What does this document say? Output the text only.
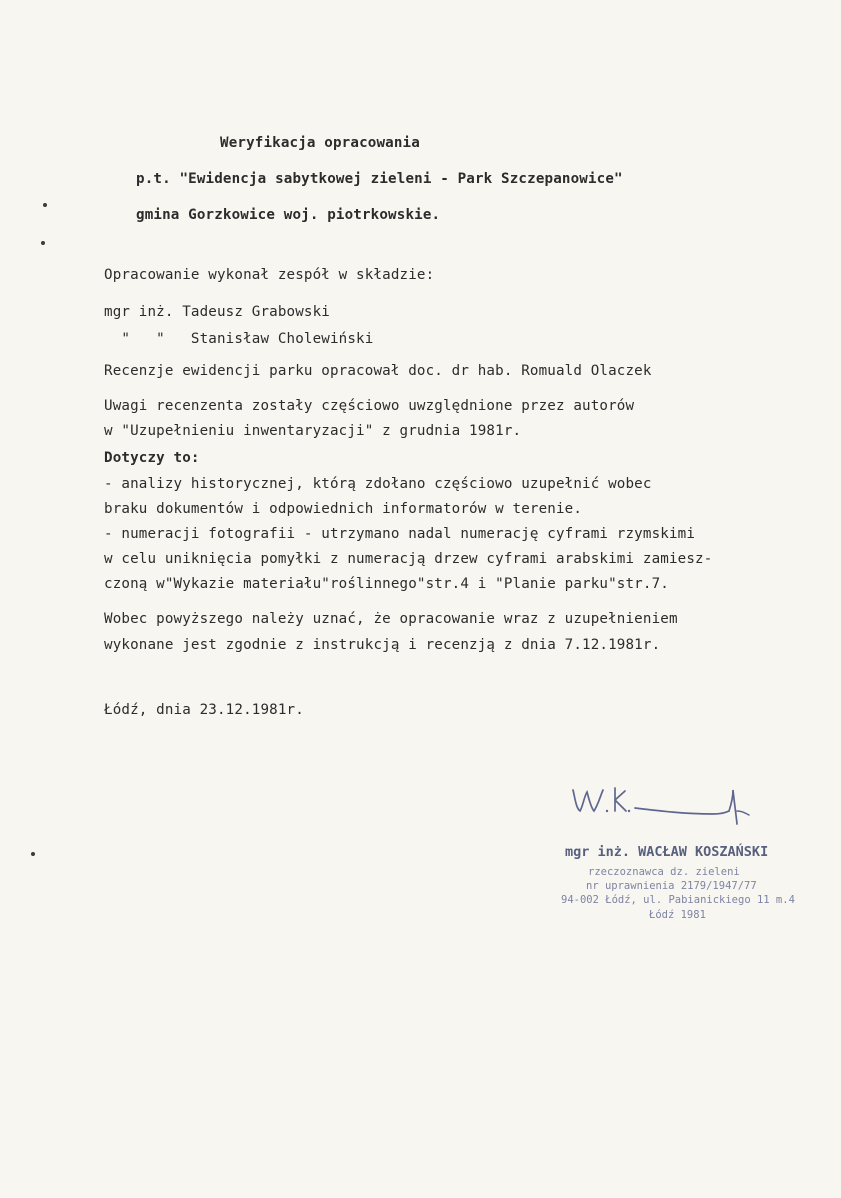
Weryfikacja opracowania
p.t. "Ewidencja sabytkowej zieleni - Park Szczepanowice"
gmina Gorzkowice woj. piotrkowskie.
Opracowanie wykonał zespół w składzie:
mgr inż. Tadeusz Grabowski
"   "   Stanisław Cholewiński
Recenzje ewidencji parku opracował doc. dr hab. Romuald Olaczek
Uwagi recenzenta zostały częściowo uwzględnione przez autorów
w "Uzupełnieniu inwentaryzacji" z grudnia 1981r.
Dotyczy to:
- analizy historycznej, którą zdołano częściowo uzupełnić wobec
braku dokumentów i odpowiednich informatorów w terenie.
- numeracji fotografii - utrzymano nadal numerację cyframi rzymskimi
w celu uniknięcia pomyłki z numeracją drzew cyframi arabskimi zamiesz-
czoną w"Wykazie materiału"roślinnego"str.4 i "Planie parku"str.7.
Wobec powyższego należy uznać, że opracowanie wraz z uzupełnieniem
wykonane jest zgodnie z instrukcją i recenzją z dnia 7.12.1981r.
Łódź, dnia 23.12.1981r.
mgr inż. WACŁAW KOSZAŃSKI
rzeczoznawca dz. zieleni
nr uprawnienia 2179/1947/77
94-002 Łódź, ul. Pabianickiego 11 m.4
Łódź 1981
